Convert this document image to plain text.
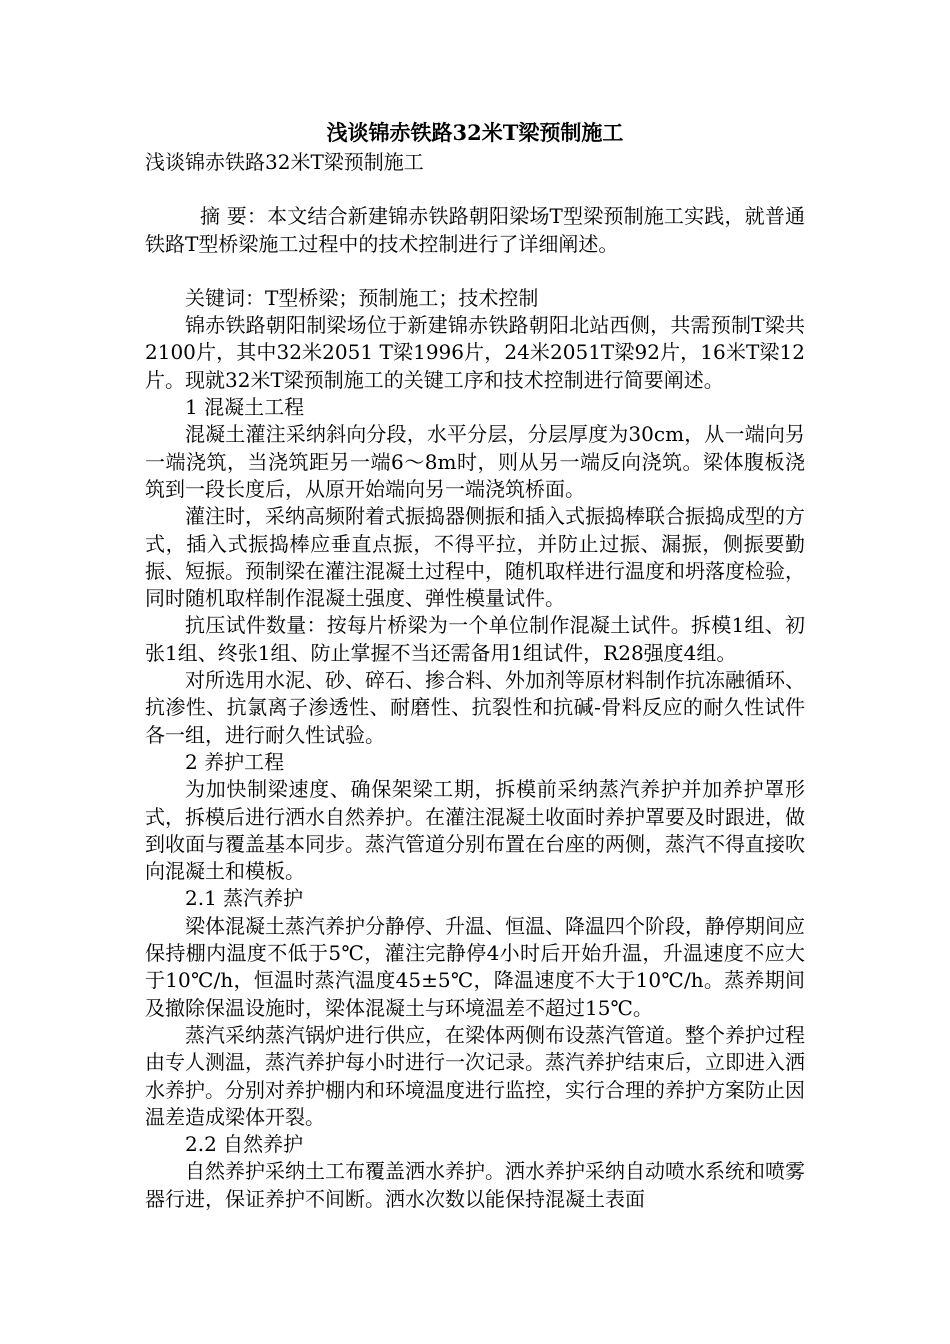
浅谈锦赤铁路32米T梁预制施工

浅谈锦赤铁路32米T梁预制施工

摘 要：本文结合新建锦赤铁路朝阳梁场T型梁预制施工实践，就普通铁路T型桥梁施工过程中的技术控制进行了详细阐述。

关键词：T型桥梁；预制施工；技术控制

锦赤铁路朝阳制梁场位于新建锦赤铁路朝阳北站西侧，共需预制T梁共2100片，其中32米2051 T梁1996片，24米2051T梁92片，16米T梁12片。现就32米T梁预制施工的关键工序和技术控制进行简要阐述。

1 混凝土工程

混凝土灌注采纳斜向分段，水平分层，分层厚度为30cm，从一端向另一端浇筑，当浇筑距另一端6～8m时，则从另一端反向浇筑。梁体腹板浇筑到一段长度后，从原开始端向另一端浇筑桥面。

灌注时，采纳高频附着式振捣器侧振和插入式振捣棒联合振捣成型的方式，插入式振捣棒应垂直点振，不得平拉，并防止过振、漏振，侧振要勤振、短振。预制梁在灌注混凝土过程中，随机取样进行温度和坍落度检验，同时随机取样制作混凝土强度、弹性模量试件。

抗压试件数量：按每片桥梁为一个单位制作混凝土试件。拆模1组、初张1组、终张1组、防止掌握不当还需备用1组试件，R28强度4组。

对所选用水泥、砂、碎石、掺合料、外加剂等原材料制作抗冻融循环、抗渗性、抗氯离子渗透性、耐磨性、抗裂性和抗碱-骨料反应的耐久性试件各一组，进行耐久性试验。

2 养护工程

为加快制梁速度、确保架梁工期，拆模前采纳蒸汽养护并加养护罩形式，拆模后进行洒水自然养护。在灌注混凝土收面时养护罩要及时跟进，做到收面与覆盖基本同步。蒸汽管道分别布置在台座的两侧，蒸汽不得直接吹向混凝土和模板。

2.1 蒸汽养护

梁体混凝土蒸汽养护分静停、升温、恒温、降温四个阶段，静停期间应保持棚内温度不低于5℃，灌注完静停4小时后开始升温，升温速度不应大于10℃/h，恒温时蒸汽温度45±5℃，降温速度不大于10℃/h。蒸养期间及撤除保温设施时，梁体混凝土与环境温差不超过15℃。

蒸汽采纳蒸汽锅炉进行供应，在梁体两侧布设蒸汽管道。整个养护过程由专人测温，蒸汽养护每小时进行一次记录。蒸汽养护结束后，立即进入洒水养护。分别对养护棚内和环境温度进行监控，实行合理的养护方案防止因温差造成梁体开裂。

2.2 自然养护

自然养护采纳土工布覆盖洒水养护。洒水养护采纳自动喷水系统和喷雾器行进，保证养护不间断。洒水次数以能保持混凝土表面
